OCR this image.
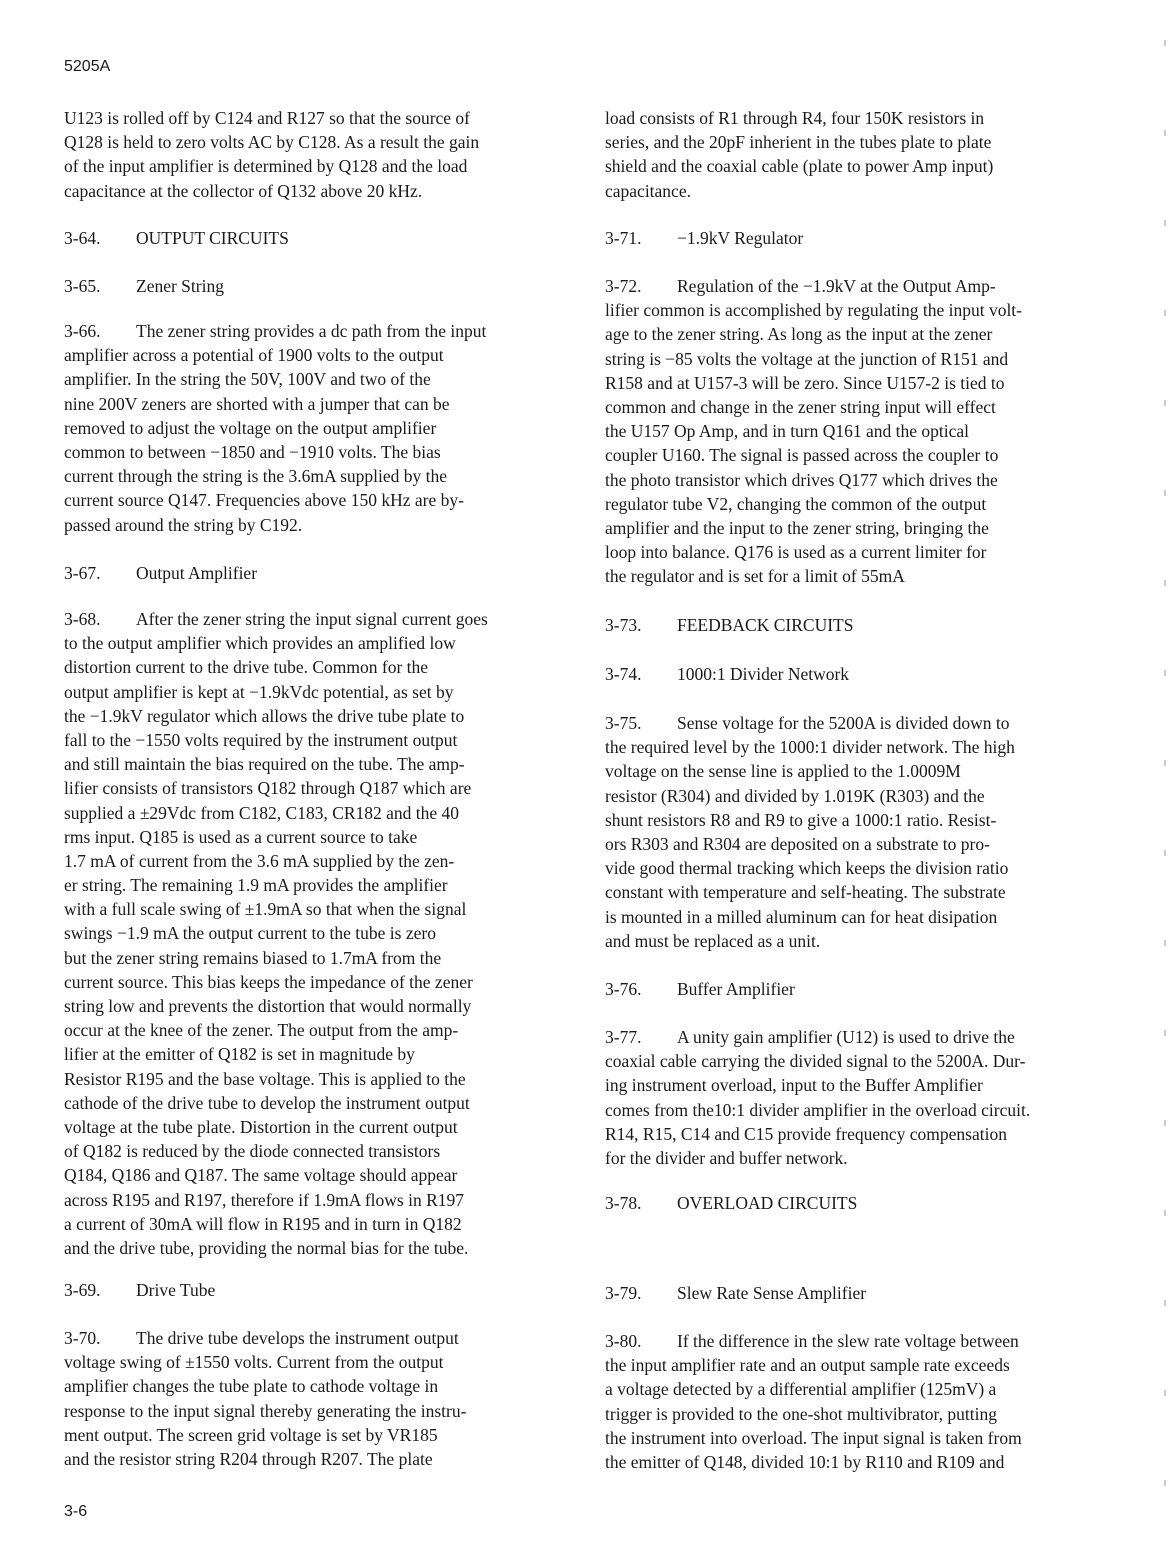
5205A
U123 is rolled off by C124 and R127 so that the source of
Q128 is held to zero volts AC by C128. As a result the gain
of the input amplifier is determined by Q128 and the load
capacitance at the collector of Q132 above 20 kHz.
3-64. OUTPUT CIRCUITS
3-65. Zener String
3-66. The zener string provides a dc path from the input
amplifier across a potential of 1900 volts to the output
amplifier. In the string the 50V, 100V and two of the
nine 200V zeners are shorted with a jumper that can be
removed to adjust the voltage on the output amplifier
common to between −1850 and −1910 volts. The bias
current through the string is the 3.6mA supplied by the
current source Q147. Frequencies above 150 kHz are by-
passed around the string by C192.
3-67. Output Amplifier
3-68. After the zener string the input signal current goes
to the output amplifier which provides an amplified low
distortion current to the drive tube. Common for the
output amplifier is kept at −1.9kVdc potential, as set by
the −1.9kV regulator which allows the drive tube plate to
fall to the −1550 volts required by the instrument output
and still maintain the bias required on the tube. The amp-
lifier consists of transistors Q182 through Q187 which are
supplied a ±29Vdc from C182, C183, CR182 and the 40
rms input. Q185 is used as a current source to take
1.7 mA of current from the 3.6 mA supplied by the zen-
er string. The remaining 1.9 mA provides the amplifier
with a full scale swing of ±1.9mA so that when the signal
swings −1.9 mA the output current to the tube is zero
but the zener string remains biased to 1.7mA from the
current source. This bias keeps the impedance of the zener
string low and prevents the distortion that would normally
occur at the knee of the zener. The output from the amp-
lifier at the emitter of Q182 is set in magnitude by
Resistor R195 and the base voltage. This is applied to the
cathode of the drive tube to develop the instrument output
voltage at the tube plate. Distortion in the current output
of Q182 is reduced by the diode connected transistors
Q184, Q186 and Q187. The same voltage should appear
across R195 and R197, therefore if 1.9mA flows in R197
a current of 30mA will flow in R195 and in turn in Q182
and the drive tube, providing the normal bias for the tube.
3-69. Drive Tube
3-70. The drive tube develops the instrument output
voltage swing of ±1550 volts. Current from the output
amplifier changes the tube plate to cathode voltage in
response to the input signal thereby generating the instru-
ment output. The screen grid voltage is set by VR185
and the resistor string R204 through R207. The plate
load consists of R1 through R4, four 150K resistors in
series, and the 20pF inherient in the tubes plate to plate
shield and the coaxial cable (plate to power Amp input)
capacitance.
3-71. −1.9kV Regulator
3-72. Regulation of the −1.9kV at the Output Amp-
lifier common is accomplished by regulating the input volt-
age to the zener string. As long as the input at the zener
string is −85 volts the voltage at the junction of R151 and
R158 and at U157-3 will be zero. Since U157-2 is tied to
common and change in the zener string input will effect
the U157 Op Amp, and in turn Q161 and the optical
coupler U160. The signal is passed across the coupler to
the photo transistor which drives Q177 which drives the
regulator tube V2, changing the common of the output
amplifier and the input to the zener string, bringing the
loop into balance. Q176 is used as a current limiter for
the regulator and is set for a limit of 55mA
3-73. FEEDBACK CIRCUITS
3-74. 1000:1 Divider Network
3-75. Sense voltage for the 5200A is divided down to
the required level by the 1000:1 divider network. The high
voltage on the sense line is applied to the 1.0009M
resistor (R304) and divided by 1.019K (R303) and the
shunt resistors R8 and R9 to give a 1000:1 ratio. Resist-
ors R303 and R304 are deposited on a substrate to pro-
vide good thermal tracking which keeps the division ratio
constant with temperature and self-heating. The substrate
is mounted in a milled aluminum can for heat disipation
and must be replaced as a unit.
3-76. Buffer Amplifier
3-77. A unity gain amplifier (U12) is used to drive the
coaxial cable carrying the divided signal to the 5200A. Dur-
ing instrument overload, input to the Buffer Amplifier
comes from the10:1 divider amplifier in the overload circuit.
R14, R15, C14 and C15 provide frequency compensation
for the divider and buffer network.
3-78. OVERLOAD CIRCUITS
3-79. Slew Rate Sense Amplifier
3-80. If the difference in the slew rate voltage between
the input amplifier rate and an output sample rate exceeds
a voltage detected by a differential amplifier (125mV) a
trigger is provided to the one-shot multivibrator, putting
the instrument into overload. The input signal is taken from
the emitter of Q148, divided 10:1 by R110 and R109 and
3-6
